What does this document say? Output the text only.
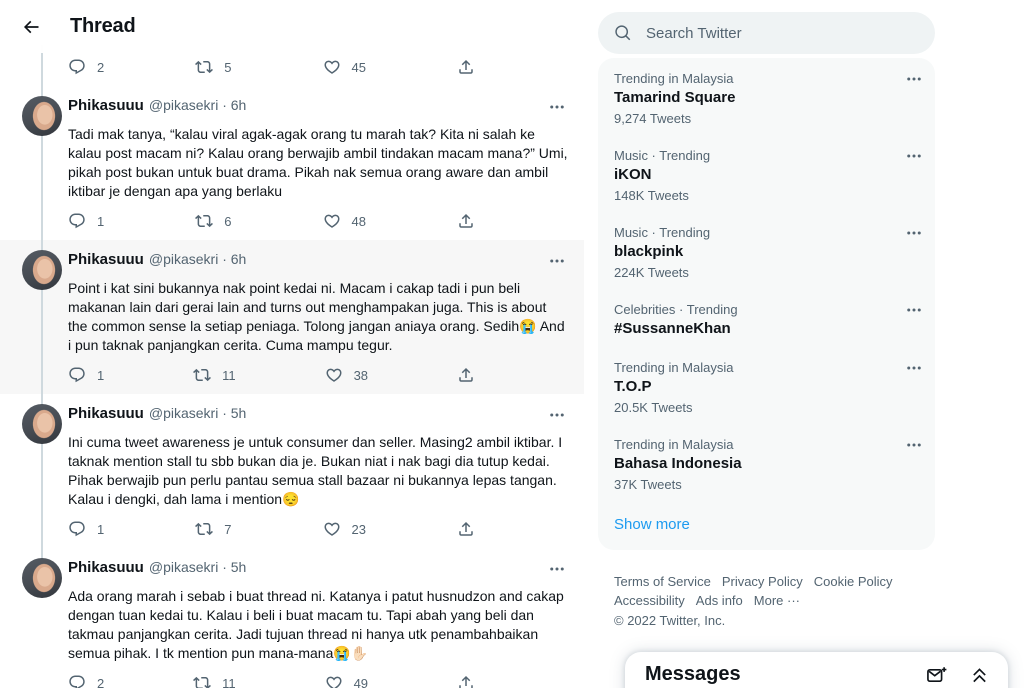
2	5	45
Phikasuuu @pikasekri · 6h
Tadi mak tanya, “kalau viral agak-agak orang tu marah tak? Kita ni salah ke kalau post macam ni? Kalau orang berwajib ambil tindakan macam mana?” Umi, pikah post bukan untuk buat drama. Pikah nak semua orang aware dan ambil iktibar je dengan apa yang berlaku
1	6	48
Phikasuuu @pikasekri · 6h
Point i kat sini bukannya nak point kedai ni. Macam i cakap tadi i pun beli makanan lain dari gerai lain and turns out menghampakan juga. This is about the common sense la setiap peniaga. Tolong jangan aniaya orang. Sedih😭 And i pun taknak panjangkan cerita. Cuma mampu tegur.
1	11	38
Phikasuuu @pikasekri · 5h
Ini cuma tweet awareness je untuk consumer dan seller. Masing2 ambil iktibar. I taknak mention stall tu sbb bukan dia je. Bukan niat i nak bagi dia tutup kedai. Pihak berwajib pun perlu pantau semua stall bazaar ni bukannya lepas tangan. Kalau i dengki, dah lama i mention😔
1	7	23
Phikasuuu @pikasekri · 5h
Ada orang marah i sebab i buat thread ni. Katanya i patut husnudzon and cakap dengan tuan kedai tu. Kalau i beli i buat macam tu. Tapi abah yang beli dan takmau panjangkan cerita. Jadi tujuan thread ni hanya utk penambahbaikan semua pihak. I tk mention pun mana-mana😭✋🏻
2	11	49
Thread
Search Twitter
Trending in Malaysia
Tamarind Square
9,274 Tweets
Music · Trending
iKON
148K Tweets
Music · Trending
blackpink
224K Tweets
Celebrities · Trending
#SussanneKhan
Trending in Malaysia
T.O.P
20.5K Tweets
Trending in Malaysia
Bahasa Indonesia
37K Tweets
Show more
Terms of Service Privacy Policy Cookie Policy
Accessibility Ads info More ···
© 2022 Twitter, Inc.
Messages
